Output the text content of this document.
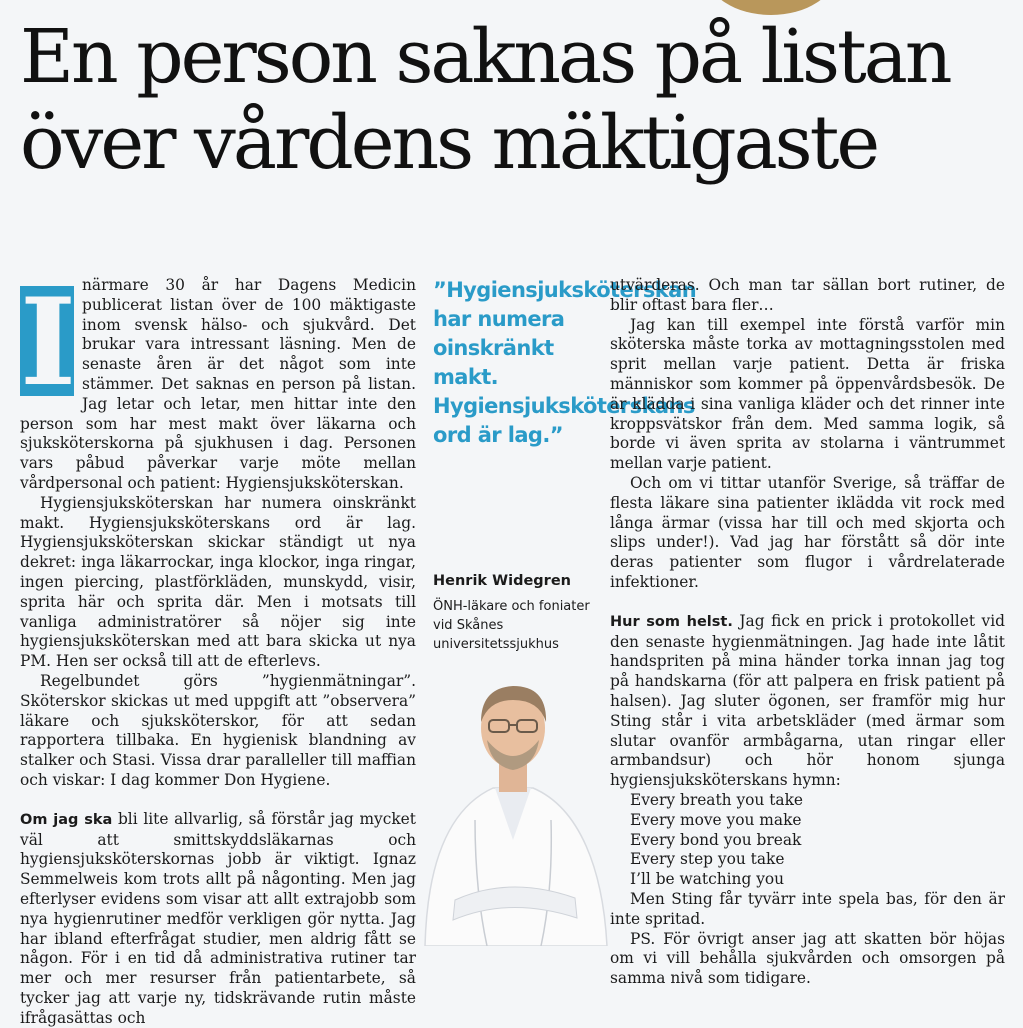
En person saknas på listan över vårdens mäktigaste
I närmare 30 år har Dagens Medicin publicerat listan över de 100 mäktigaste inom svensk hälso- och sjukvård. Det brukar vara intressant läsning. Men de senaste åren är det något som inte stämmer. Det saknas en person på listan. Jag letar och letar, men hittar inte den person som har mest makt över läkarna och sjuksköterskorna på sjukhusen i dag. Personen vars påbud påverkar varje möte mellan vårdpersonal och patient: Hygiensjuksköterskan.

Hygiensjuksköterskan har numera oinskränkt makt. Hygiensjuksköterskans ord är lag. Hygiensjuksköterskan skickar ständigt ut nya dekret: inga läkarrockar, inga klockor, inga ringar, ingen piercing, plastförkläden, munskydd, visir, sprita här och sprita där. Men i motsats till vanliga administratörer så nöjer sig inte hygiensjuksköterskan med att bara skicka ut nya PM. Hen ser också till att de efterlevs.

Regelbundet görs ”hygienmätningar”. Sköterskor skickas ut med uppgift att ”observera” läkare och sjuksköterskor, för att sedan rapportera tillbaka. En hygienisk blandning av stalker och Stasi. Vissa drar paralleller till maffian och viskar: I dag kommer Don Hygiene.

Om jag ska bli lite allvarlig, så förstår jag mycket väl att smittskyddsläkarnas och hygiensjuksköterskornas jobb är viktigt. Ignaz Semmelweis kom trots allt på någonting. Men jag efterlyser evidens som visar att allt extrajobb som nya hygienrutiner medför verkligen gör nytta. Jag har ibland efterfrågat studier, men aldrig fått se någon. För i en tid då administrativa rutiner tar mer och mer resurser från patientarbete, så tycker jag att varje ny, tidskrävande rutin måste ifrågasättas och

”Hygiensjuksköterskan har numera oinskränkt makt. Hygiensjuksköterskans ord är lag.”
Henrik Widegren
ÖNH-läkare och foniater vid Skånes universitetssjukhus

utvärderas. Och man tar sällan bort rutiner, de blir oftast bara fler…

Jag kan till exempel inte förstå varför min sköterska måste torka av mottagningsstolen med sprit mellan varje patient. Detta är friska människor som kommer på öppenvårdsbesök. De är klädda i sina vanliga kläder och det rinner inte kroppsvätskor från dem. Med samma logik, så borde vi även sprita av stolarna i väntrummet mellan varje patient.

Och om vi tittar utanför Sverige, så träffar de flesta läkare sina patienter iklädda vit rock med långa ärmar (vissa har till och med skjorta och slips under!). Vad jag har förstått så dör inte deras patienter som flugor i vårdrelaterade infektioner.

Hur som helst. Jag fick en prick i protokollet vid den senaste hygienmätningen. Jag hade inte låtit handspriten på mina händer torka innan jag tog på handskarna (för att palpera en frisk patient på halsen). Jag sluter ögonen, ser framför mig hur Sting står i vita arbetskläder (med ärmar som slutar ovanför armbågarna, utan ringar eller armbandsur) och hör honom sjunga hygiensjuksköterskans hymn:

Every breath you take
Every move you make
Every bond you break
Every step you take
I’ll be watching you

Men Sting får tyvärr inte spela bas, för den är inte spritad.

PS. För övrigt anser jag att skatten bör höjas om vi vill behålla sjukvården och omsorgen på samma nivå som tidigare.
